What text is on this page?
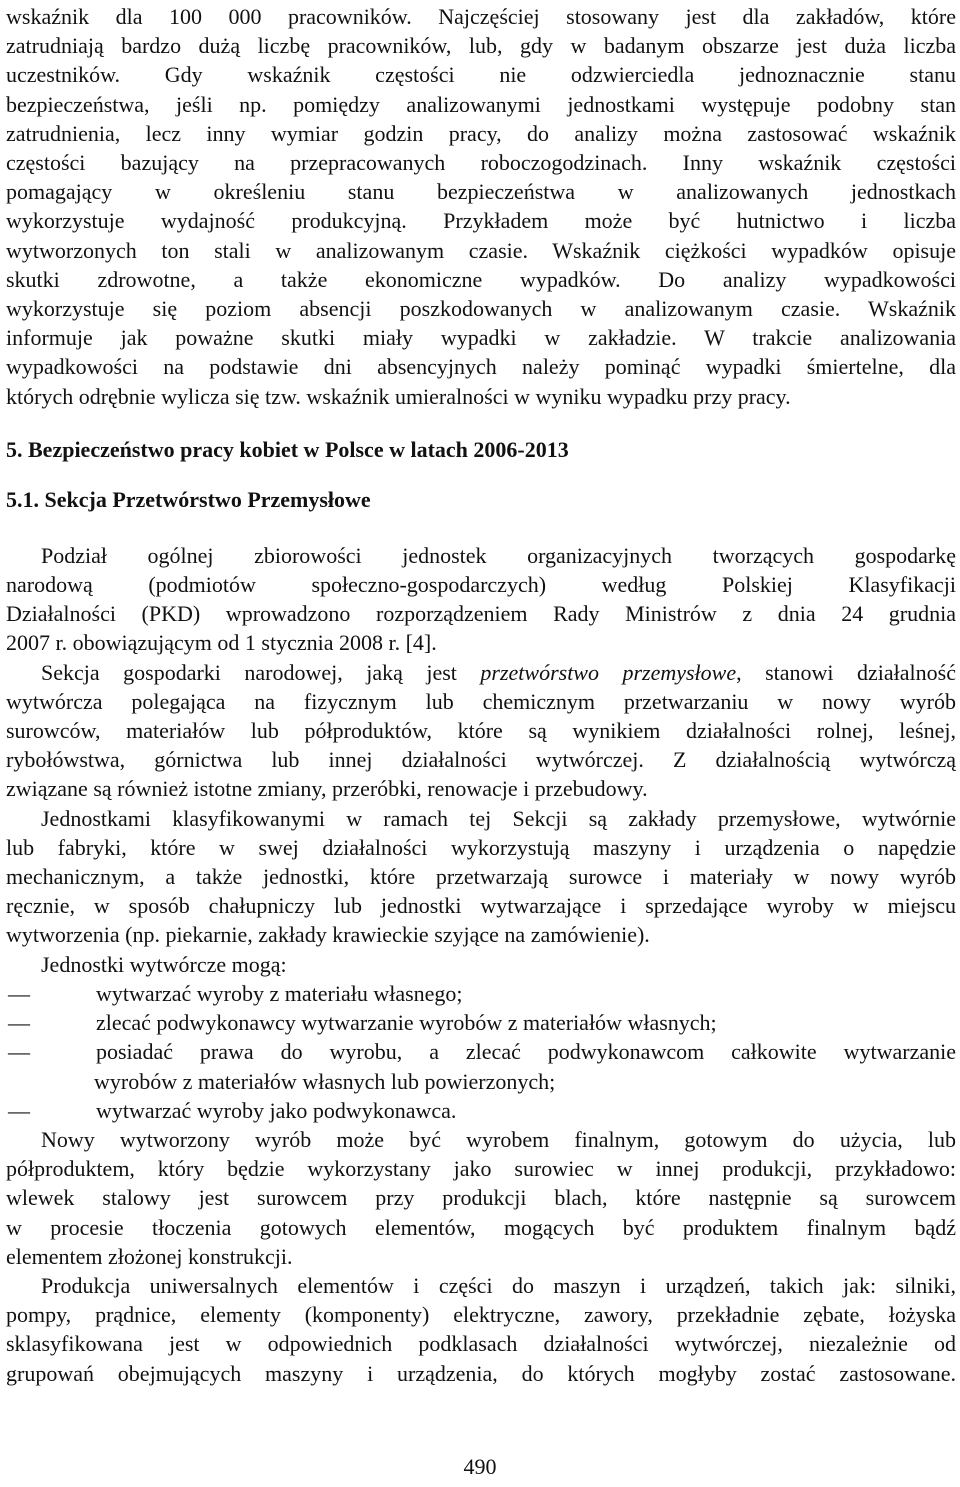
wskaźnik dla 100 000 pracowników. Najczęściej stosowany jest dla zakładów, które

zatrudniają bardzo dużą liczbę pracowników, lub, gdy w badanym obszarze jest duża liczba

uczestników. Gdy wskaźnik częstości nie odzwierciedla jednoznacznie stanu

bezpieczeństwa, jeśli np. pomiędzy analizowanymi jednostkami występuje podobny stan

zatrudnienia, lecz inny wymiar godzin pracy, do analizy można zastosować wskaźnik

częstości bazujący na przepracowanych roboczogodzinach. Inny wskaźnik częstości

pomagający w określeniu stanu bezpieczeństwa w analizowanych jednostkach

wykorzystuje wydajność produkcyjną. Przykładem może być hutnictwo i liczba

wytworzonych ton stali w analizowanym czasie. Wskaźnik ciężkości wypadków opisuje

skutki zdrowotne, a także ekonomiczne wypadków. Do analizy wypadkowości

wykorzystuje się poziom absencji poszkodowanych w analizowanym czasie. Wskaźnik

informuje jak poważne skutki miały wypadki w zakładzie. W trakcie analizowania

wypadkowości na podstawie dni absencyjnych należy pominąć wypadki śmiertelne, dla

których odrębnie wylicza się tzw. wskaźnik umieralności w wyniku wypadku przy pracy.

5. Bezpieczeństwo pracy kobiet w Polsce w latach 2006-2013
5.1. Sekcja Przetwórstwo Przemysłowe

Podział ogólnej zbiorowości jednostek organizacyjnych tworzących gospodarkę

narodową (podmiotów społeczno-gospodarczych) według Polskiej Klasyfikacji

Działalności (PKD) wprowadzono rozporządzeniem Rady Ministrów z dnia 24 grudnia

2007 r. obowiązującym od 1 stycznia 2008 r. [4].

Sekcja gospodarki narodowej, jaką jest przetwórstwo przemysłowe, stanowi działalność

wytwórcza polegająca na fizycznym lub chemicznym przetwarzaniu w nowy wyrób

surowców, materiałów lub półproduktów, które są wynikiem działalności rolnej, leśnej,

rybołówstwa, górnictwa lub innej działalności wytwórczej. Z działalnością wytwórczą

związane są również istotne zmiany, przeróbki, renowacje i przebudowy.

Jednostkami klasyfikowanymi w ramach tej Sekcji są zakłady przemysłowe, wytwórnie

lub fabryki, które w swej działalności wykorzystują maszyny i urządzenia o napędzie

mechanicznym, a także jednostki, które przetwarzają surowce i materiały w nowy wyrób

ręcznie, w sposób chałupniczy lub jednostki wytwarzające i sprzedające wyroby w miejscu

wytworzenia (np. piekarnie, zakłady krawieckie szyjące na zamówienie).

Jednostki wytwórcze mogą:

—	wytwarzać wyroby z materiału własnego;

—	zlecać podwykonawcy wytwarzanie wyrobów z materiałów własnych;

—	posiadać prawa do wyrobu, a zlecać podwykonawcom całkowite wytwarzanie

wyrobów z materiałów własnych lub powierzonych;

—	wytwarzać wyroby jako podwykonawca.

Nowy wytworzony wyrób może być wyrobem finalnym, gotowym do użycia, lub

półproduktem, który będzie wykorzystany jako surowiec w innej produkcji, przykładowo:

wlewek stalowy jest surowcem przy produkcji blach, które następnie są surowcem

w procesie tłoczenia gotowych elementów, mogących być produktem finalnym bądź

elementem złożonej konstrukcji.

Produkcja uniwersalnych elementów i części do maszyn i urządzeń, takich jak: silniki,

pompy, prądnice, elementy (komponenty) elektryczne, zawory, przekładnie zębate, łożyska

sklasyfikowana jest w odpowiednich podklasach działalności wytwórczej, niezależnie od

grupowań obejmujących maszyny i urządzenia, do których mogłyby zostać zastosowane.

490
